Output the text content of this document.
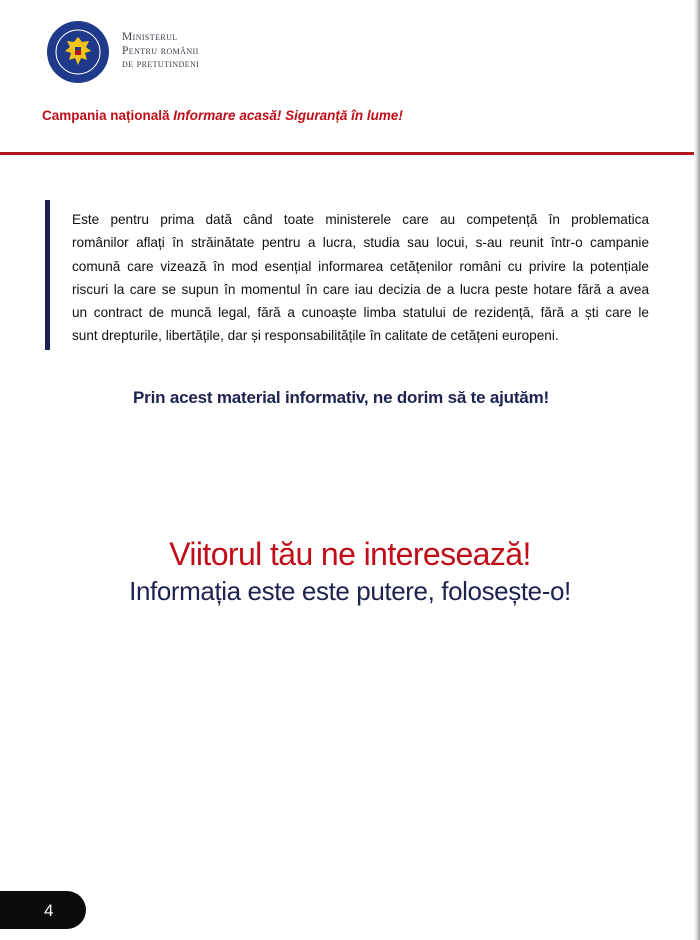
Ministerul
Pentru românii
de pretutindeni
Campania națională Informare acasă! Siguranță în lume!
Este pentru prima dată când toate ministerele care au competență în problematica
românilor aflați în străinătate pentru a lucra, studia sau locui, s-au reunit într-o campanie
comună care vizează în mod esențial informarea cetățenilor români cu privire la potențiale
riscuri la care se supun în momentul în care iau decizia de a lucra peste hotare fără a avea
un contract de muncă legal, fără a cunoaște limba statului de rezidență, fără a ști care le
sunt drepturile, libertățile, dar și responsabilitățile în calitate de cetățeni europeni.
Prin acest material informativ, ne dorim să te ajutăm!
Viitorul tău ne interesează!
Informația este este putere, folosește-o!
4
